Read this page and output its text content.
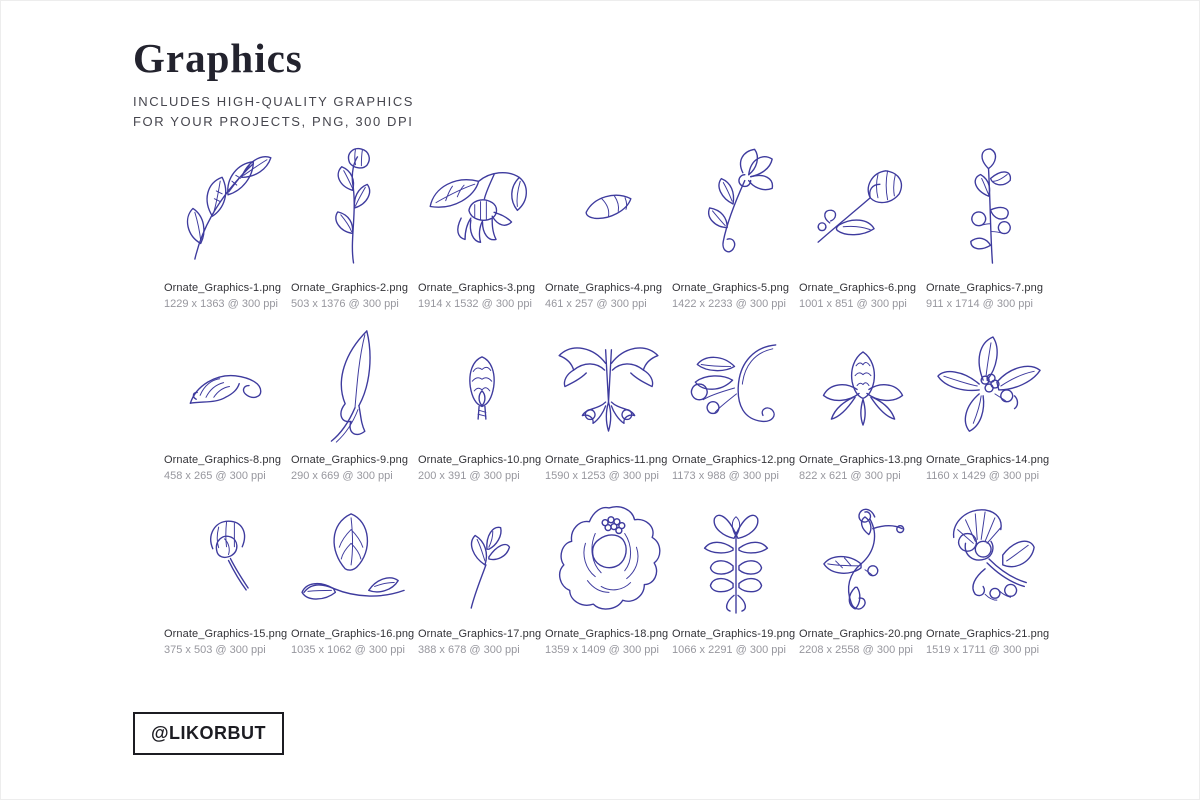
Graphics
INCLUDES HIGH-QUALITY GRAPHICS
FOR YOUR PROJECTS, PNG, 300 DPI
Ornate_Graphics-1.png
1229 x 1363 @ 300 ppi
Ornate_Graphics-2.png
503 x 1376 @ 300 ppi
Ornate_Graphics-3.png
1914 x 1532 @ 300 ppi
Ornate_Graphics-4.png
461 x 257 @ 300 ppi
Ornate_Graphics-5.png
1422 x 2233 @ 300 ppi
Ornate_Graphics-6.png
1001 x 851 @ 300 ppi
Ornate_Graphics-7.png
911 x 1714 @ 300 ppi
Ornate_Graphics-8.png
458 x 265 @ 300 ppi
Ornate_Graphics-9.png
290 x 669 @ 300 ppi
Ornate_Graphics-10.png
200 x 391 @ 300 ppi
Ornate_Graphics-11.png
1590 x 1253 @ 300 ppi
Ornate_Graphics-12.png
1173 x 988 @ 300 ppi
Ornate_Graphics-13.png
822 x 621 @ 300 ppi
Ornate_Graphics-14.png
1160 x 1429 @ 300 ppi
Ornate_Graphics-15.png
375 x 503 @ 300 ppi
Ornate_Graphics-16.png
1035 x 1062 @ 300 ppi
Ornate_Graphics-17.png
388 x 678 @ 300 ppi
Ornate_Graphics-18.png
1359 x 1409 @ 300 ppi
Ornate_Graphics-19.png
1066 x 2291 @ 300 ppi
Ornate_Graphics-20.png
2208 x 2558 @ 300 ppi
Ornate_Graphics-21.png
1519 x 1711 @ 300 ppi
@LIKORBUT
